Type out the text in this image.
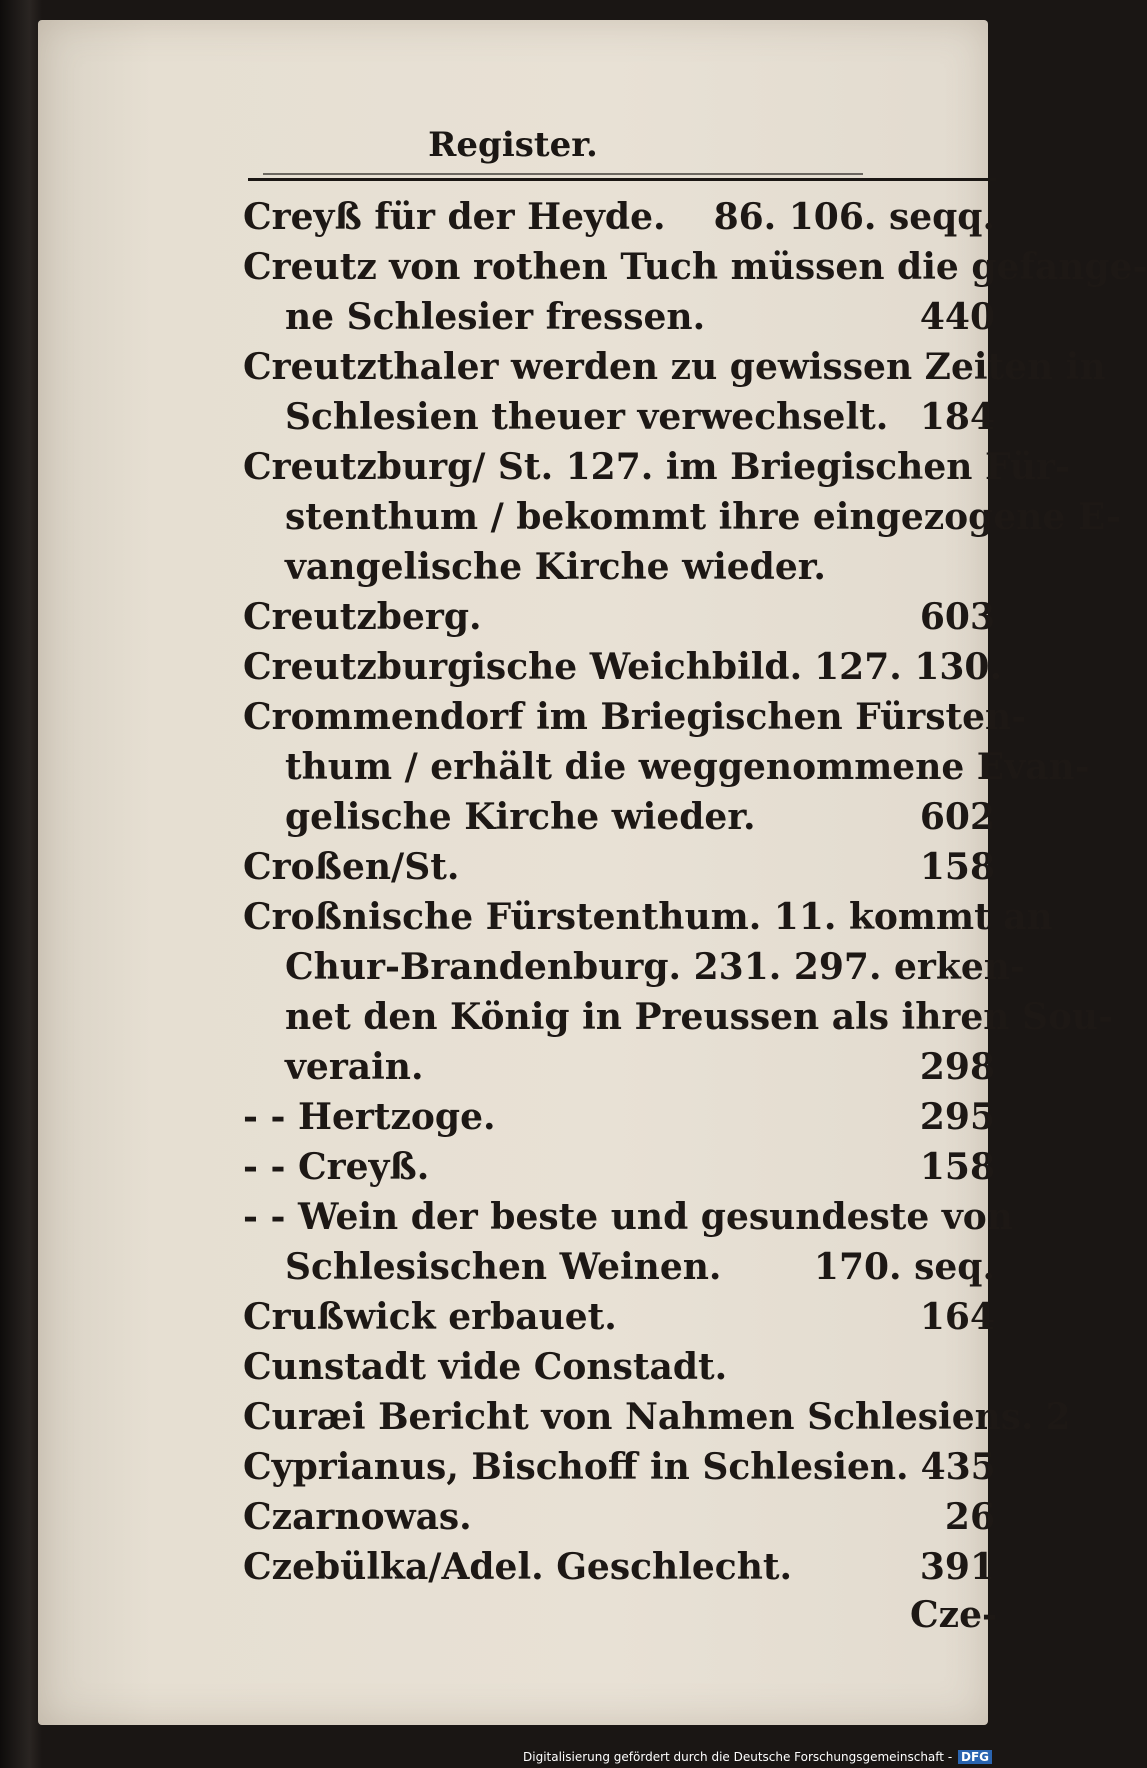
Register.
Creyß für der Heyde.	86. 106. seqq.
Creutz von rothen Tuch müssen die gefange-
ne Schlesier fressen.	440
Creutzthaler werden zu gewissen Zeiten in
Schlesien theuer verwechselt. 184
Creutzburg/ St. 127. im Briegischen Für-
stenthum / bekommt ihre eingezogene E-
vangelische Kirche wieder.
Creutzberg.	603
Creutzburgische Weichbild. 127. 130.
Crommendorf im Briegischen Fürsten-
thum / erhält die weggenommene Evan-
gelische Kirche wieder.	602
Croßen/St.	158
Croßnische Fürstenthum. 11. kommt an
Chur-Brandenburg. 231. 297. erken-
net den König in Preussen als ihren Sou-
verain.	298
- - Hertzoge.	295
- - Creyß.	158
- - Wein der beste und gesundeste von
Schlesischen Weinen.	170. seq.
Crußwick erbauet.	164
Cunstadt vide Constadt.
Curæi Bericht von Nahmen Schlesiens. 2
Cyprianus, Bischoff in Schlesien. 435
Czarnowas.	26
Czebülka/Adel. Geschlecht.	391
Cze-
Digitalisierung gefördert durch die Deutsche Forschungsgemeinschaft - DFG
